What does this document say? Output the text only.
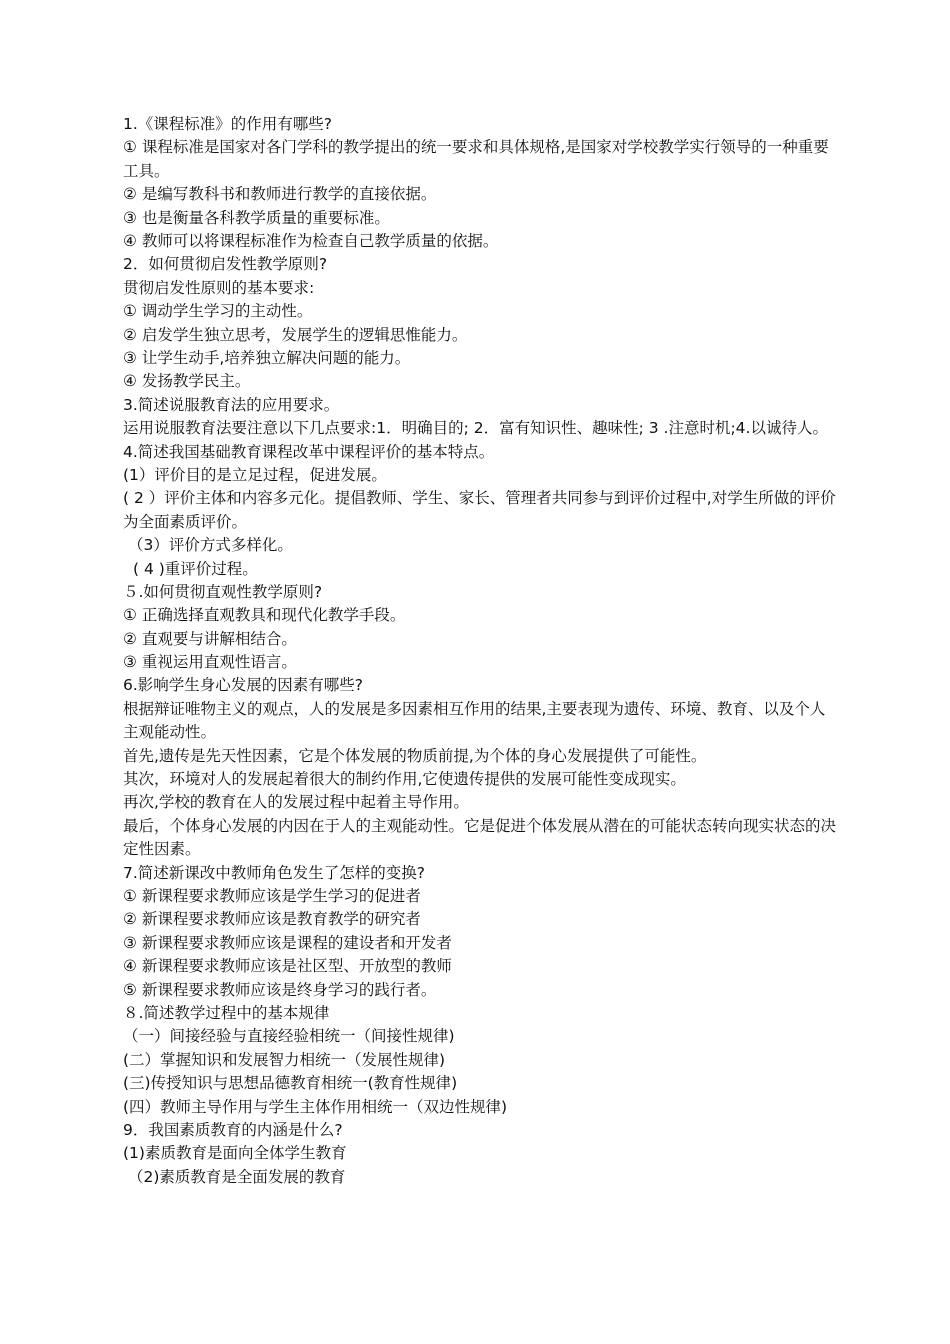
1.《课程标准》的作用有哪些?

① 课程标准是国家对各门学科的教学提出的统一要求和具体规格,是国家对学校教学实行领导的一种重要工具。

② 是编写教科书和教师进行教学的直接依据。

③ 也是衡量各科教学质量的重要标准。

④ 教师可以将课程标准作为检查自己教学质量的依据。

2．如何贯彻启发性教学原则?

贯彻启发性原则的基本要求:

① 调动学生学习的主动性。

② 启发学生独立思考，发展学生的逻辑思惟能力。

③ 让学生动手,培养独立解决问题的能力。

④ 发扬教学民主。

3.简述说服教育法的应用要求。

运用说服教育法要注意以下几点要求:1．明确目的; 2．富有知识性、趣味性; 3 .注意时机;4.以诚待人。

4.简述我国基础教育课程改革中课程评价的基本特点。

(1）评价目的是立足过程，促进发展。

( 2 ）评价主体和内容多元化。提倡教师、学生、家长、管理者共同参与到评价过程中,对学生所做的评价为全面素质评价。

（3）评价方式多样化。

( 4 )重评价过程。

５.如何贯彻直观性教学原则?

① 正确选择直观教具和现代化教学手段。

② 直观要与讲解相结合。

③ 重视运用直观性语言。

6.影响学生身心发展的因素有哪些?

根据辩证唯物主义的观点，人的发展是多因素相互作用的结果,主要表现为遗传、环境、教育、以及个人主观能动性。

首先,遗传是先天性因素，它是个体发展的物质前提,为个体的身心发展提供了可能性。

其次，环境对人的发展起着很大的制约作用,它使遗传提供的发展可能性变成现实。

再次,学校的教育在人的发展过程中起着主导作用。

最后，个体身心发展的内因在于人的主观能动性。它是促进个体发展从潜在的可能状态转向现实状态的决定性因素。

7.简述新课改中教师角色发生了怎样的变换?

① 新课程要求教师应该是学生学习的促进者

② 新课程要求教师应该是教育教学的研究者

③ 新课程要求教师应该是课程的建设者和开发者

④ 新课程要求教师应该是社区型、开放型的教师

⑤ 新课程要求教师应该是终身学习的践行者。

８.简述教学过程中的基本规律

（一）间接经验与直接经验相统一（间接性规律)

(二）掌握知识和发展智力相统一（发展性规律)

(三)传授知识与思想品德教育相统一(教育性规律)

(四）教师主导作用与学生主体作用相统一（双边性规律)

9．我国素质教育的内涵是什么?

(1)素质教育是面向全体学生教育

（2)素质教育是全面发展的教育
